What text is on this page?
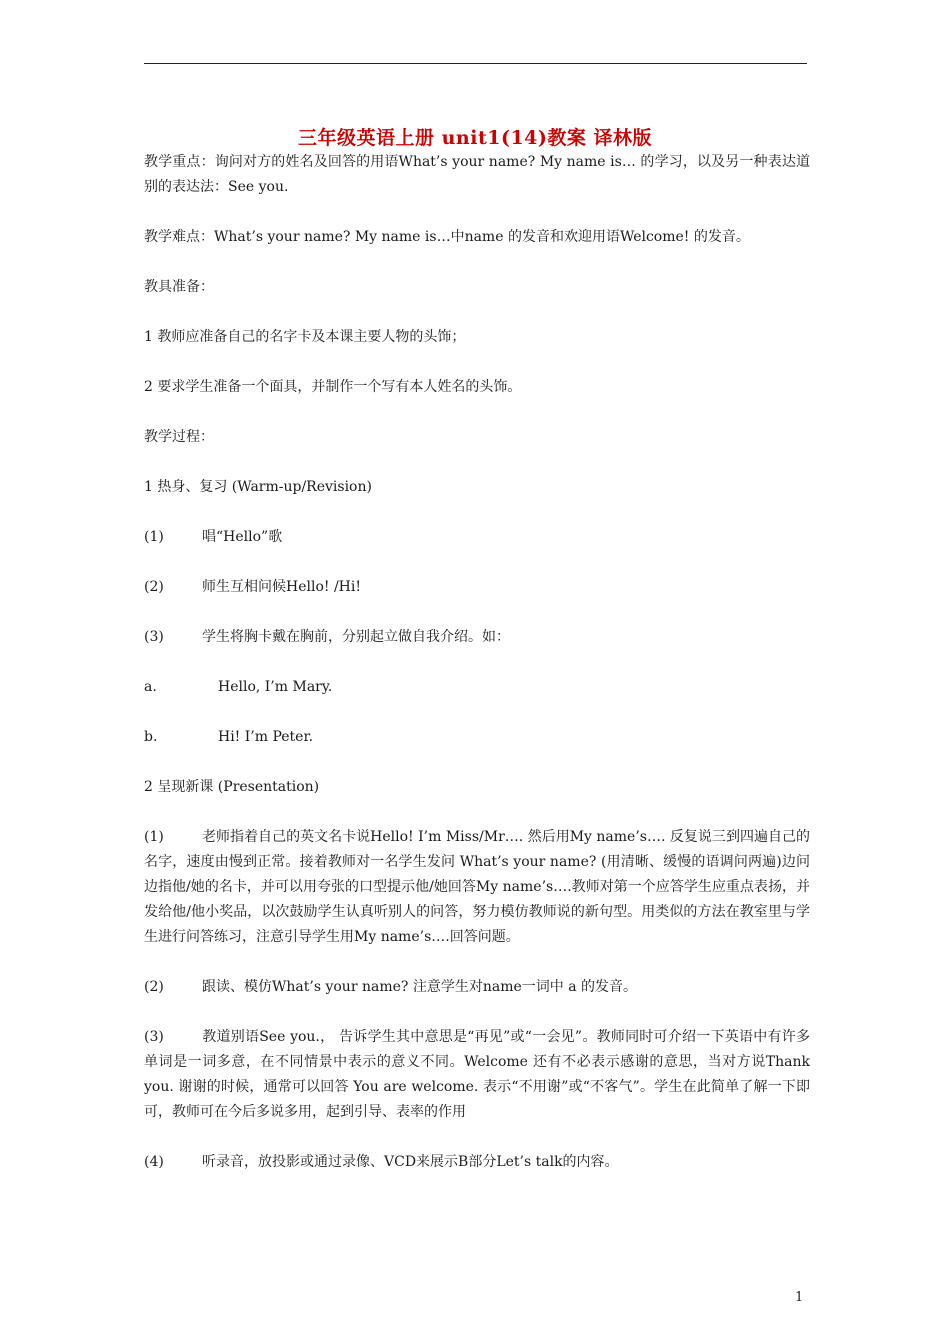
三年级英语上册 unit1(14)教案 译林版

教学重点：询问对方的姓名及回答的用语What’s your name? My name is… 的学习，以及另一种表达道别的表达法：See you.

教学难点：What’s your name? My name is…中name 的发音和欢迎用语Welcome! 的发音。

教具准备：

1 教师应准备自己的名字卡及本课主要人物的头饰；

2 要求学生准备一个面具，并制作一个写有本人姓名的头饰。

教学过程：

1 热身、复习 (Warm-up/Revision)

(1)	唱“Hello”歌
(2)	师生互相问候Hello! /Hi!
(3)	学生将胸卡戴在胸前，分别起立做自我介绍。如：
a.	Hello, I’m Mary.
b.	Hi! I’m Peter.

2 呈现新课 (Presentation)

(1)	老师指着自己的英文名卡说Hello! I’m Miss/Mr…. 然后用My name’s…. 反复说三到四遍自己的名字，速度由慢到正常。接着教师对一名学生发问 What’s your name? (用清晰、缓慢的语调问两遍)边问边指他/她的名卡，并可以用夸张的口型提示他/她回答My name’s….教师对第一个应答学生应重点表扬，并发给他/他小奖品，以次鼓励学生认真听别人的问答，努力模仿教师说的新句型。用类似的方法在教室里与学生进行问答练习，注意引导学生用My name’s….回答问题。
(2)	跟读、模仿What’s your name? 注意学生对name一词中 a 的发音。
(3)	教道别语See you.， 告诉学生其中意思是“再见”或“一会见”。教师同时可介绍一下英语中有许多单词是一词多意，在不同情景中表示的意义不同。Welcome 还有不必表示感谢的意思，当对方说Thank you. 谢谢的时候，通常可以回答 You are welcome. 表示“不用谢”或“不客气”。学生在此简单了解一下即可，教师可在今后多说多用，起到引导、表率的作用
(4)	听录音，放投影或通过录像、VCD来展示B部分Let’s talk的内容。
1
